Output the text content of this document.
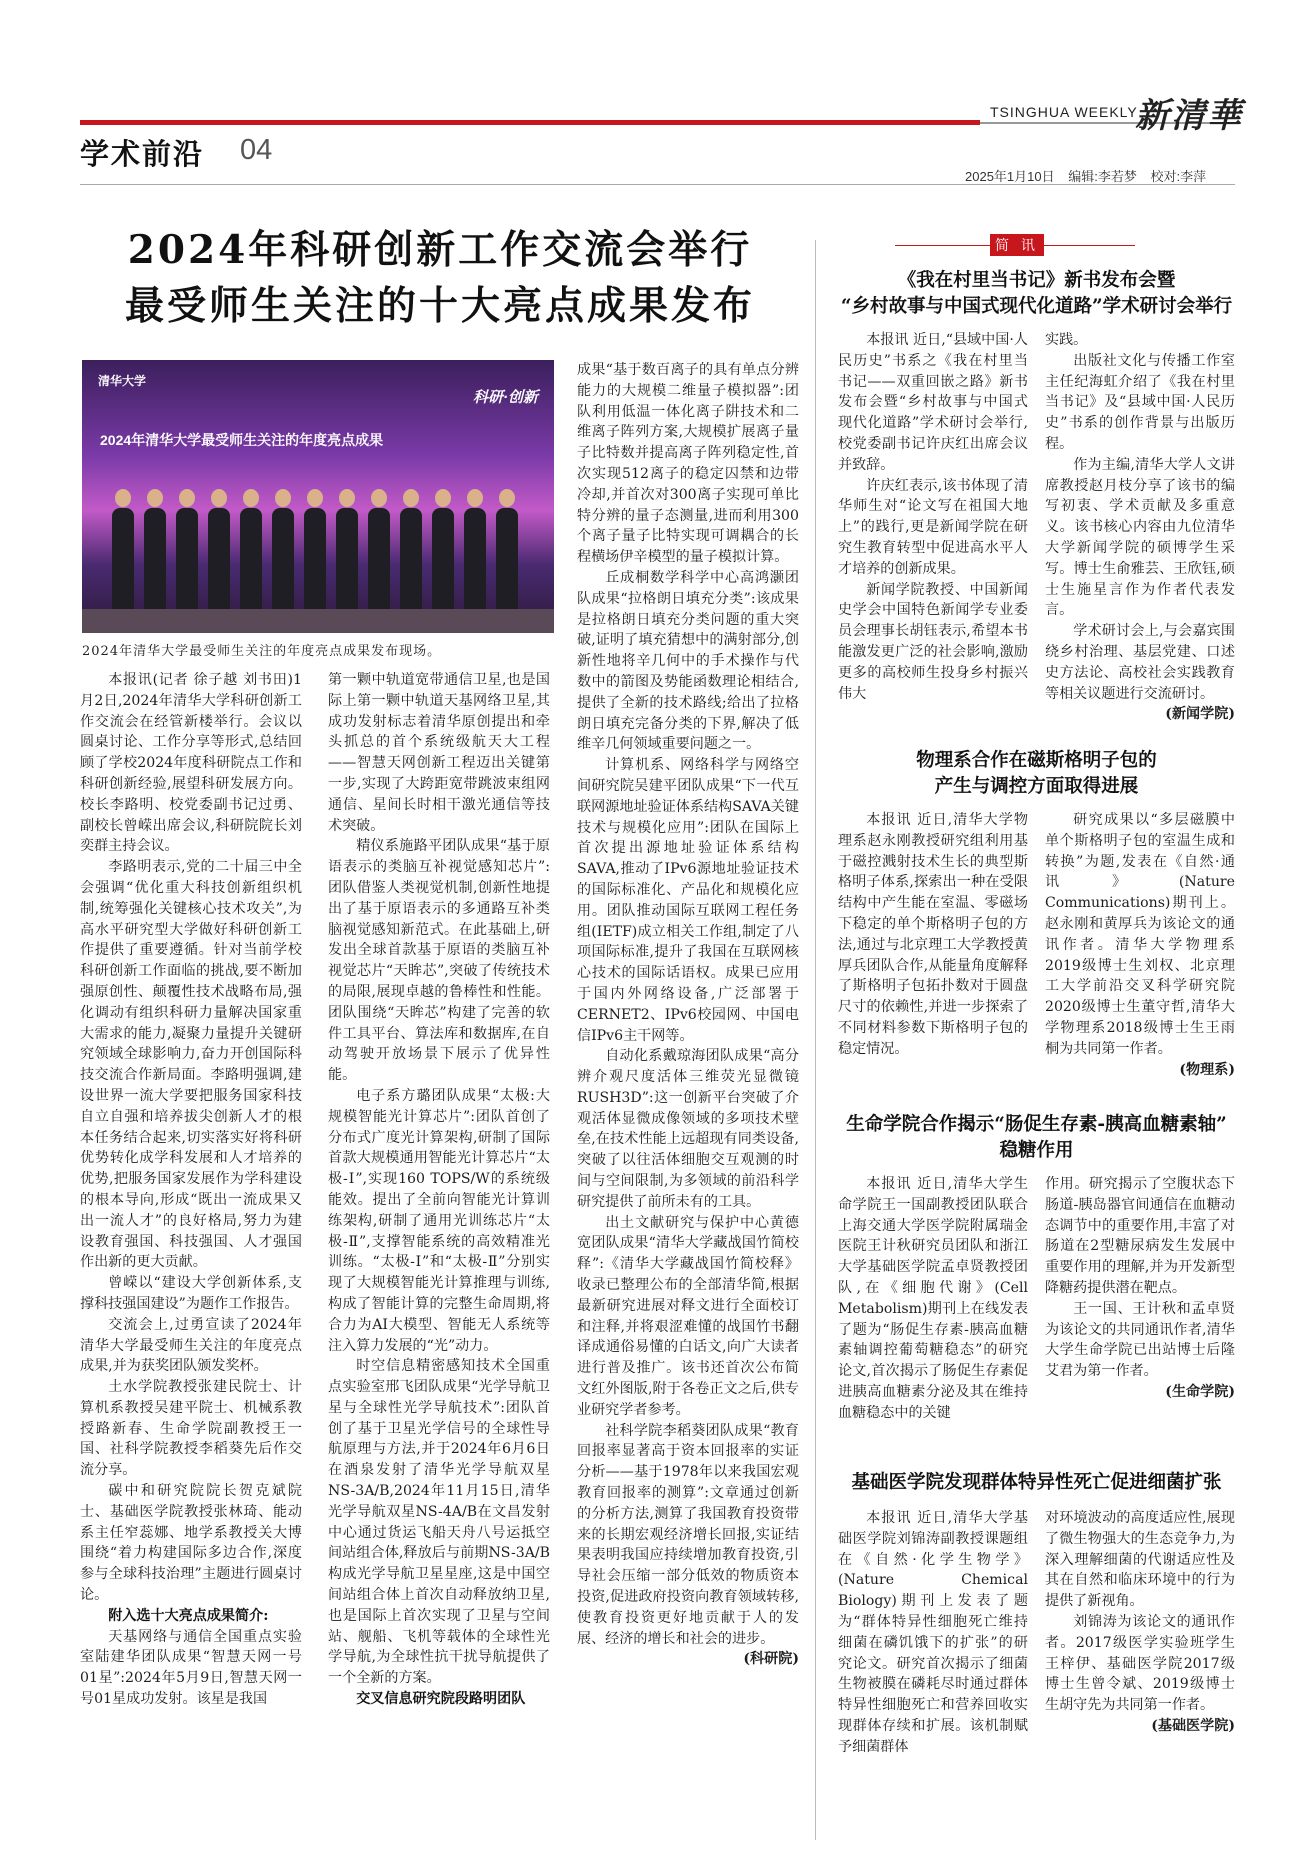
学术前沿 04
TSINGHUA WEEKLY
新清華
2025年1月10日 编辑:李若梦 校对:李萍
2024年科研创新工作交流会举行
最受师生关注的十大亮点成果发布
清华大学
科研·创新
2024年清华大学最受师生关注的年度亮点成果
2024年清华大学最受师生关注的年度亮点成果发布现场。

本报讯(记者 徐子越 刘书田)1月2日,2024年清华大学科研创新工作交流会在经管新楼举行。会议以圆桌讨论、工作分享等形式,总结回顾了学校2024年度科研院点工作和科研创新经验,展望科研发展方向。校长李路明、校党委副书记过勇、副校长曾嵘出席会议,科研院院长刘奕群主持会议。

李路明表示,党的二十届三中全会强调“优化重大科技创新组织机制,统筹强化关键核心技术攻关”,为高水平研究型大学做好科研创新工作提供了重要遵循。针对当前学校科研创新工作面临的挑战,要不断加强原创性、颠覆性技术战略布局,强化调动有组织科研力量解决国家重大需求的能力,凝聚力量提升关键研究领域全球影响力,奋力开创国际科技交流合作新局面。李路明强调,建设世界一流大学要把服务国家科技自立自强和培养拔尖创新人才的根本任务结合起来,切实落实好将科研优势转化成学科发展和人才培养的优势,把服务国家发展作为学科建设的根本导向,形成“既出一流成果又出一流人才”的良好格局,努力为建设教育强国、科技强国、人才强国作出新的更大贡献。

曾嵘以“建设大学创新体系,支撑科技强国建设”为题作工作报告。

交流会上,过勇宣读了2024年清华大学最受师生关注的年度亮点成果,并为获奖团队颁发奖杯。

土水学院教授张建民院士、计算机系教授吴建平院士、机械系教授路新春、生命学院副教授王一国、社科学院教授李稻葵先后作交流分享。

碳中和研究院院长贺克斌院士、基础医学院教授张林琦、能动系主任窄蕊娜、地学系教授关大博围绕“着力构建国际多边合作,深度参与全球科技治理”主题进行圆桌讨论。

附入选十大亮点成果简介:

天基网络与通信全国重点实验室陆建华团队成果“智慧天网一号01星”:2024年5月9日,智慧天网一号01星成功发射。该星是我国

第一颗中轨道宽带通信卫星,也是国际上第一颗中轨道天基网络卫星,其成功发射标志着清华原创提出和牵头抓总的首个系统级航天大工程——智慧天网创新工程迈出关键第一步,实现了大跨距宽带跳波束组网通信、星间长时相干激光通信等技术突破。

精仪系施路平团队成果“基于原语表示的类脑互补视觉感知芯片”:团队借鉴人类视觉机制,创新性地提出了基于原语表示的多通路互补类脑视觉感知新范式。在此基础上,研发出全球首款基于原语的类脑互补视觉芯片“天眸芯”,突破了传统技术的局限,展现卓越的鲁棒性和性能。团队围绕“天眸芯”构建了完善的软件工具平台、算法库和数据库,在自动驾驶开放场景下展示了优异性能。

电子系方璐团队成果“太极:大规模智能光计算芯片”:团队首创了分布式广度光计算架构,研制了国际首款大规模通用智能光计算芯片“太极-Ⅰ”,实现160 TOPS/W的系统级能效。提出了全前向智能光计算训练架构,研制了通用光训练芯片“太极-Ⅱ”,支撑智能系统的高效精准光训练。“太极-Ⅰ”和“太极-Ⅱ”分别实现了大规模智能光计算推理与训练,构成了智能计算的完整生命周期,将合力为AI大模型、智能无人系统等注入算力发展的“光”动力。

时空信息精密感知技术全国重点实验室邢飞团队成果“光学导航卫星与全球性光学导航技术”:团队首创了基于卫星光学信号的全球性导航原理与方法,并于2024年6月6日在酒泉发射了清华光学导航双星NS-3A/B,2024年11月15日,清华光学导航双星NS-4A/B在文昌发射中心通过货运飞船天舟八号运抵空间站组合体,释放后与前期NS-3A/B构成光学导航卫星星座,这是中国空间站组合体上首次自动释放纳卫星,也是国际上首次实现了卫星与空间站、舰船、飞机等载体的全球性光学导航,为全球性抗干扰导航提供了一个全新的方案。

交叉信息研究院段路明团队

成果“基于数百离子的具有单点分辨能力的大规模二维量子模拟器”:团队利用低温一体化离子阱技术和二维离子阵列方案,大规模扩展离子量子比特数并提高离子阵列稳定性,首次实现512离子的稳定囚禁和边带冷却,并首次对300离子实现可单比特分辨的量子态测量,进而利用300个离子量子比特实现可调耦合的长程横场伊辛模型的量子模拟计算。

丘成桐数学科学中心高鸿灏团队成果“拉格朗日填充分类”:该成果是拉格朗日填充分类问题的重大突破,证明了填充猜想中的满射部分,创新性地将辛几何中的手术操作与代数中的箭图及势能函数理论相结合,提供了全新的技术路线;给出了拉格朗日填充完备分类的下界,解决了低维辛几何领域重要问题之一。

计算机系、网络科学与网络空间研究院吴建平团队成果“下一代互联网源地址验证体系结构SAVA关键技术与规模化应用”:团队在国际上首次提出源地址验证体系结构SAVA,推动了IPv6源地址验证技术的国际标准化、产品化和规模化应用。团队推动国际互联网工程任务组(IETF)成立相关工作组,制定了八项国际标准,提升了我国在互联网核心技术的国际话语权。成果已应用于国内外网络设备,广泛部署于CERNET2、IPv6校园网、中国电信IPv6主干网等。

自动化系戴琼海团队成果“高分辨介观尺度活体三维荧光显微镜RUSH3D”:这一创新平台突破了介观活体显微成像领域的多项技术壁垒,在技术性能上远超现有同类设备,突破了以往活体细胞交互观测的时间与空间限制,为多领域的前沿科学研究提供了前所未有的工具。

出土文献研究与保护中心黄德宽团队成果“清华大学藏战国竹简校释”:《清华大学藏战国竹简校释》收录已整理公布的全部清华简,根据最新研究进展对释文进行全面校订和注释,并将艰涩难懂的战国竹书翻译成通俗易懂的白话文,向广大读者进行普及推广。该书还首次公布简文红外图版,附于各卷正文之后,供专业研究学者参考。

社科学院李稻葵团队成果“教育回报率显著高于资本回报率的实证分析——基于1978年以来我国宏观教育回报率的测算”:文章通过创新的分析方法,测算了我国教育投资带来的长期宏观经济增长回报,实证结果表明我国应持续增加教育投资,引导社会压缩一部分低效的物质资本投资,促进政府投资向教育领域转移,使教育投资更好地贡献于人的发展、经济的增长和社会的进步。

(科研院)
简 讯
《我在村里当书记》新书发布会暨
“乡村故事与中国式现代化道路”学术研讨会举行

本报讯 近日,“县域中国·人民历史”书系之《我在村里当书记——双重回嵌之路》新书发布会暨“乡村故事与中国式现代化道路”学术研讨会举行,校党委副书记许庆红出席会议并致辞。

许庆红表示,该书体现了清华师生对“论文写在祖国大地上”的践行,更是新闻学院在研究生教育转型中促进高水平人才培养的创新成果。

新闻学院教授、中国新闻史学会中国特色新闻学专业委员会理事长胡钰表示,希望本书能激发更广泛的社会影响,激励更多的高校师生投身乡村振兴伟大

实践。

出版社文化与传播工作室主任纪海虹介绍了《我在村里当书记》及“县域中国·人民历史”书系的创作背景与出版历程。

作为主编,清华大学人文讲席教授赵月枝分享了该书的编写初衷、学术贡献及多重意义。该书核心内容由九位清华大学新闻学院的硕博学生采写。博士生俞雅芸、王欣钰,硕士生施星言作为作者代表发言。

学术研讨会上,与会嘉宾围绕乡村治理、基层党建、口述史方法论、高校社会实践教育等相关议题进行交流研讨。

(新闻学院)
物理系合作在磁斯格明子包的
产生与调控方面取得进展

本报讯 近日,清华大学物理系赵永刚教授研究组利用基于磁控溅射技术生长的典型斯格明子体系,探索出一种在受限结构中产生能在室温、零磁场下稳定的单个斯格明子包的方法,通过与北京理工大学教授黄厚兵团队合作,从能量角度解释了斯格明子包拓扑数对于圆盘尺寸的依赖性,并进一步探索了不同材料参数下斯格明子包的稳定情况。

研究成果以“多层磁膜中单个斯格明子包的室温生成和转换”为题,发表在《自然·通讯》(Nature Communications)期刊上。赵永刚和黄厚兵为该论文的通讯作者。清华大学物理系2019级博士生刘权、北京理工大学前沿交叉科学研究院2020级博士生董守哲,清华大学物理系2018级博士生王雨桐为共同第一作者。

(物理系)
生命学院合作揭示“肠促生存素-胰高血糖素轴”
稳糖作用

本报讯 近日,清华大学生命学院王一国副教授团队联合上海交通大学医学院附属瑞金医院王计秋研究员团队和浙江大学基础医学院孟卓贤教授团队,在《细胞代谢》(Cell Metabolism)期刊上在线发表了题为“肠促生存素-胰高血糖素轴调控葡萄糖稳态”的研究论文,首次揭示了肠促生存素促进胰高血糖素分泌及其在维持血糖稳态中的关键

作用。研究揭示了空腹状态下肠道-胰岛器官间通信在血糖动态调节中的重要作用,丰富了对肠道在2型糖尿病发生发展中重要作用的理解,并为开发新型降糖药提供潜在靶点。

王一国、王计秋和孟卓贤为该论文的共同通讯作者,清华大学生命学院已出站博士后隆艾君为第一作者。

(生命学院)
基础医学院发现群体特异性死亡促进细菌扩张

本报讯 近日,清华大学基础医学院刘锦涛副教授课题组在《自然·化学生物学》(Nature Chemical Biology)期刊上发表了题为“群体特异性细胞死亡维持细菌在磷饥饿下的扩张”的研究论文。研究首次揭示了细菌生物被膜在磷耗尽时通过群体特异性细胞死亡和营养回收实现群体存续和扩展。该机制赋予细菌群体

对环境波动的高度适应性,展现了微生物强大的生态竞争力,为深入理解细菌的代谢适应性及其在自然和临床环境中的行为提供了新视角。

刘锦涛为该论文的通讯作者。2017级医学实验班学生王梓伊、基础医学院2017级博士生曾令斌、2019级博士生胡守先为共同第一作者。

(基础医学院)
